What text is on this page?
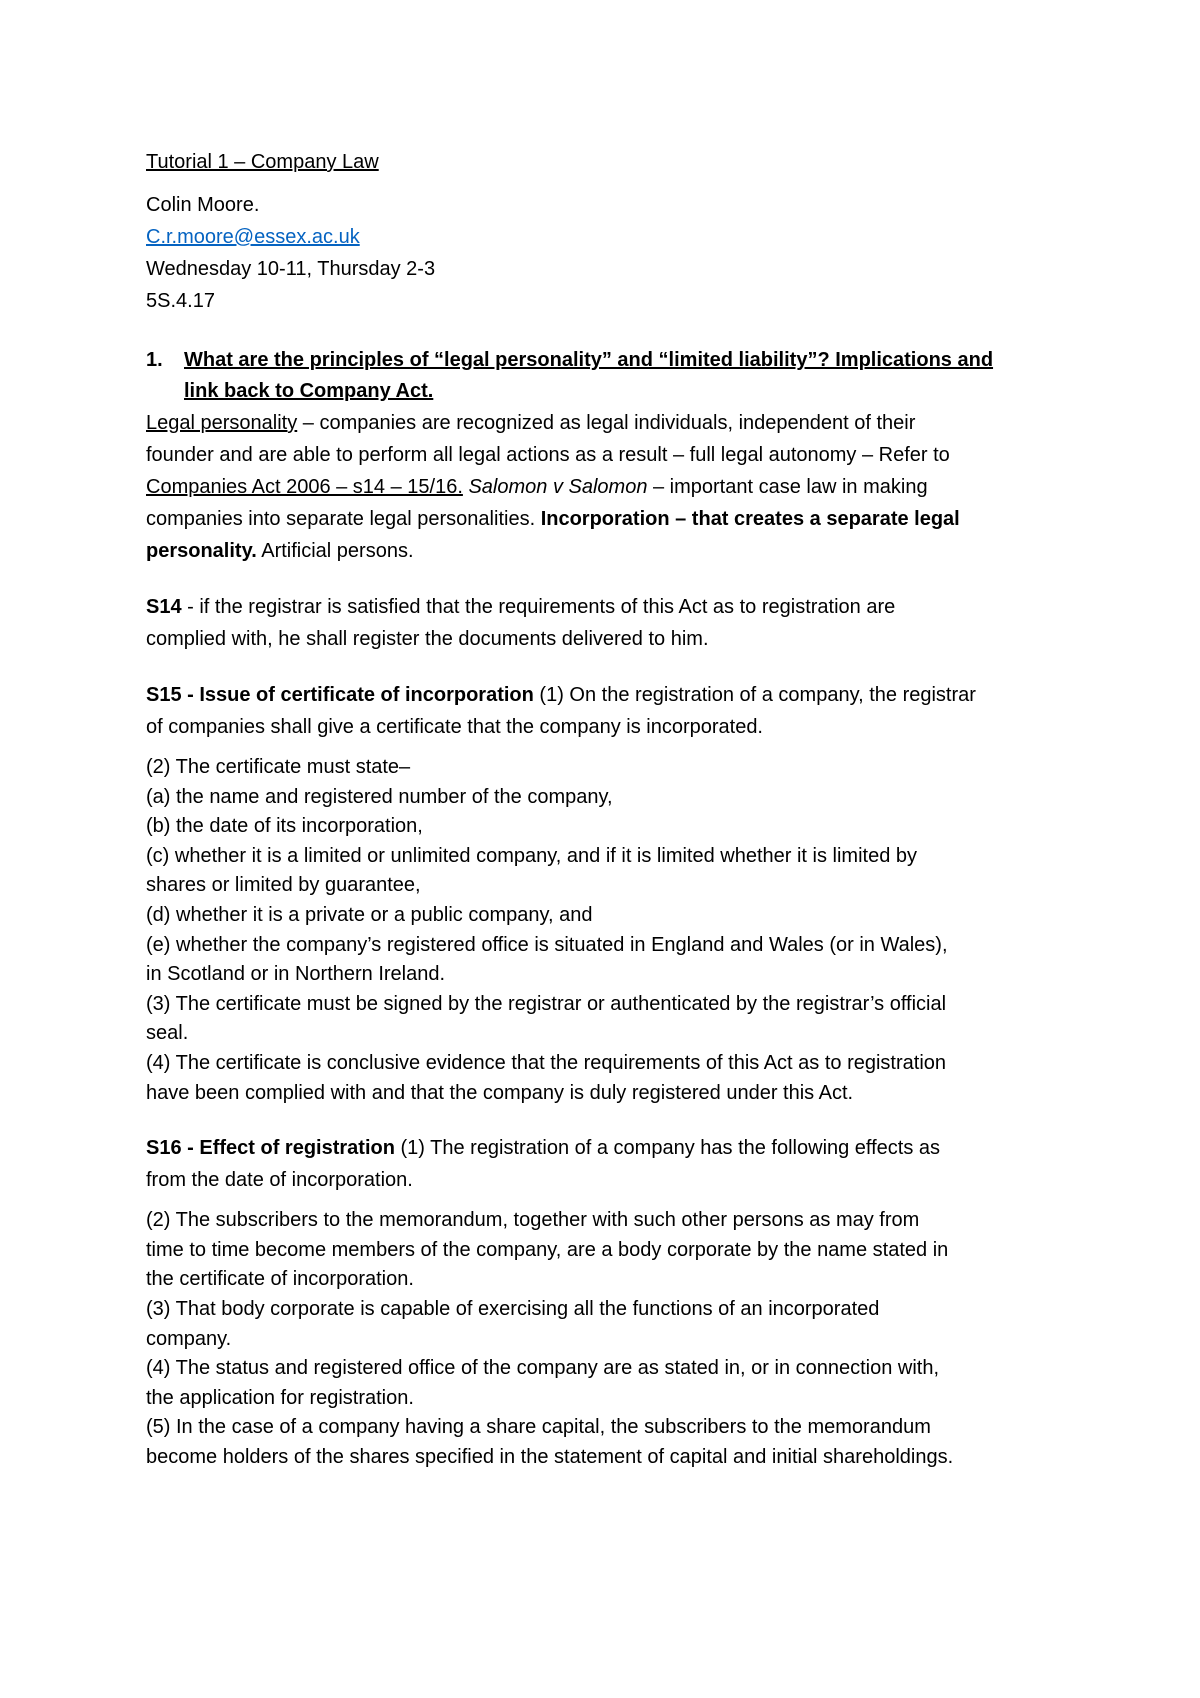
Tutorial 1 – Company Law
Colin Moore.
C.r.moore@essex.ac.uk
Wednesday 10-11, Thursday 2-3
5S.4.17
1.	What are the principles of “legal personality” and “limited liability”? Implications and
link back to Company Act.
Legal personality – companies are recognized as legal individuals, independent of their
founder and are able to perform all legal actions as a result – full legal autonomy – Refer to
Companies Act 2006 – s14 – 15/16. Salomon v Salomon – important case law in making
companies into separate legal personalities. Incorporation – that creates a separate legal
personality. Artificial persons.
S14 - if the registrar is satisfied that the requirements of this Act as to registration are
complied with, he shall register the documents delivered to him.
S15 - Issue of certificate of incorporation (1) On the registration of a company, the registrar
of companies shall give a certificate that the company is incorporated.
(2) The certificate must state–
(a) the name and registered number of the company,
(b) the date of its incorporation,
(c) whether it is a limited or unlimited company, and if it is limited whether it is limited by
shares or limited by guarantee,
(d) whether it is a private or a public company, and
(e) whether the company’s registered office is situated in England and Wales (or in Wales),
in Scotland or in Northern Ireland.
(3) The certificate must be signed by the registrar or authenticated by the registrar’s official
seal.
(4) The certificate is conclusive evidence that the requirements of this Act as to registration
have been complied with and that the company is duly registered under this Act.
S16 - Effect of registration (1) The registration of a company has the following effects as
from the date of incorporation.
(2) The subscribers to the memorandum, together with such other persons as may from
time to time become members of the company, are a body corporate by the name stated in
the certificate of incorporation.
(3) That body corporate is capable of exercising all the functions of an incorporated
company.
(4) The status and registered office of the company are as stated in, or in connection with,
the application for registration.
(5) In the case of a company having a share capital, the subscribers to the memorandum
become holders of the shares specified in the statement of capital and initial shareholdings.
